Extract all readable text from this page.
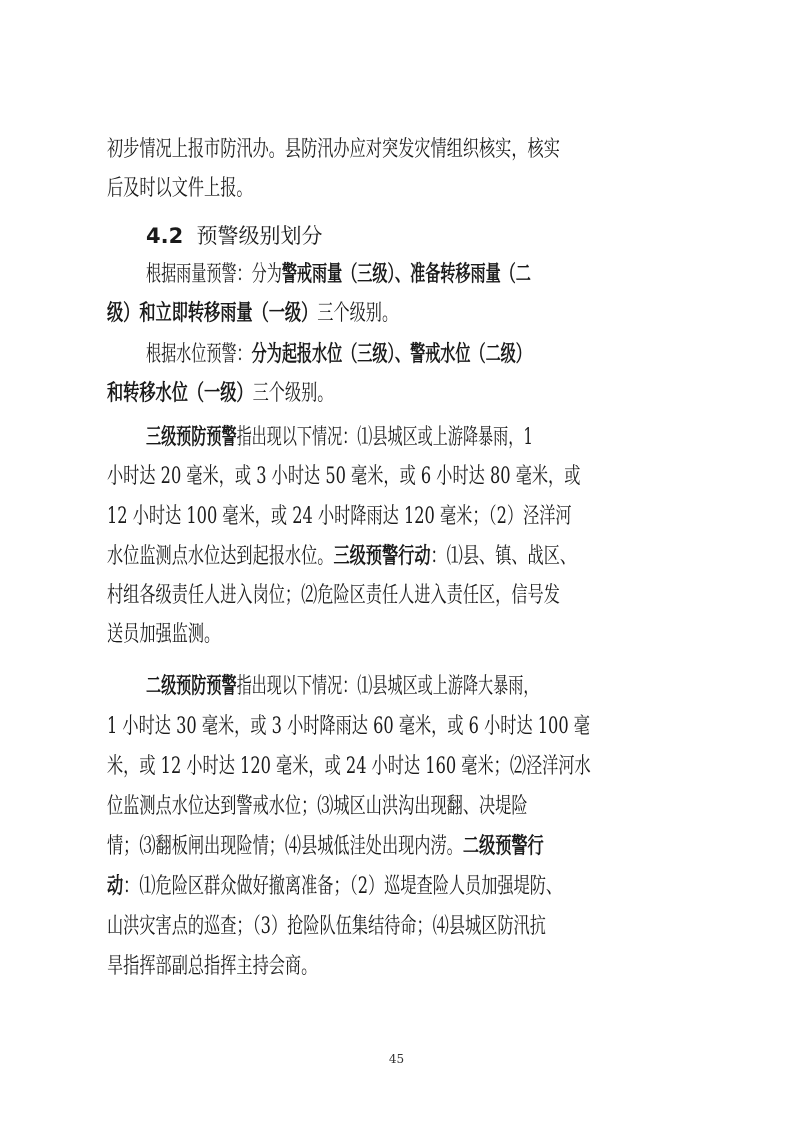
初步情况上报市防汛办。县防汛办应对突发灾情组织核实，核实
后及时以文件上报。
4.2  预警级别划分
根据雨量预警：分为警戒雨量（三级）、准备转移雨量（二
级）和立即转移雨量（一级）三个级别。
根据水位预警：分为起报水位（三级）、警戒水位（二级）
和转移水位（一级）三个级别。
三级预防预警指出现以下情况：⑴县城区或上游降暴雨，1
小时达 20 毫米，或 3 小时达 50 毫米，或 6 小时达 80 毫米，或
12 小时达 100 毫米，或 24 小时降雨达 120 毫米；（2）泾洋河
水位监测点水位达到起报水位。三级预警行动：⑴县、镇、战区、
村组各级责任人进入岗位；⑵危险区责任人进入责任区，信号发
送员加强监测。
二级预防预警指出现以下情况：⑴县城区或上游降大暴雨，
1 小时达 30 毫米，或 3 小时降雨达 60 毫米，或 6 小时达 100 毫
米，或 12 小时达 120 毫米，或 24 小时达 160 毫米；⑵泾洋河水
位监测点水位达到警戒水位；⑶城区山洪沟出现翻、决堤险
情；⑶翻板闸出现险情；⑷县城低洼处出现内涝。二级预警行
动：⑴危险区群众做好撤离准备；（2）巡堤查险人员加强堤防、
山洪灾害点的巡查；（3）抢险队伍集结待命；⑷县城区防汛抗
旱指挥部副总指挥主持会商。
45
